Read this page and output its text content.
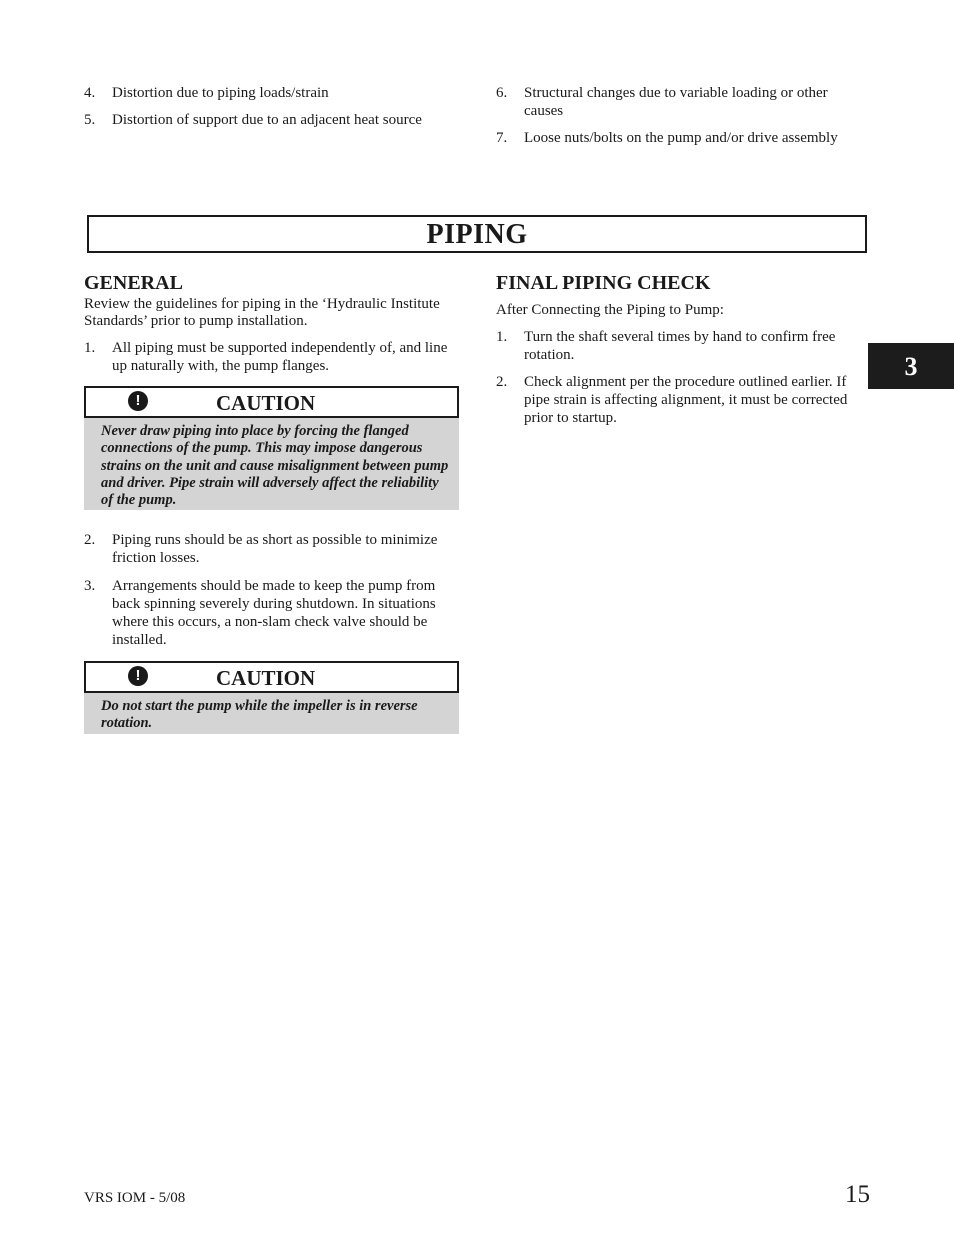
4.	Distortion due to piping loads/strain
5.	Distortion of support due to an adjacent heat source
6.	Structural changes due to variable loading or other causes
7.	Loose nuts/bolts on the pump and/or drive assembly
PIPING
GENERAL
Review the guidelines for piping in the ‘Hydraulic Institute Standards’ prior to pump installation.
1.	All piping must be supported independently of, and line up naturally with, the pump flanges.
!	CAUTION

Never draw piping into place by forcing the flanged connections of the pump. This may impose dangerous strains on the unit and cause misalignment between pump and driver. Pipe strain will adversely affect the reliability of the pump.

2.	Piping runs should be as short as possible to minimize friction losses.
3.	Arrangements should be made to keep the pump from back spinning severely during shutdown. In situations where this occurs, a non-slam check valve should be installed.
!	CAUTION

Do not start the pump while the impeller is in reverse rotation.

FINAL PIPING CHECK
After Connecting the Piping to Pump:
1.	Turn the shaft several times by hand to confirm free rotation.
2.	Check alignment per the procedure outlined earlier. If pipe strain is affecting alignment, it must be corrected prior to startup.
3
VRS IOM - 5/08	15
